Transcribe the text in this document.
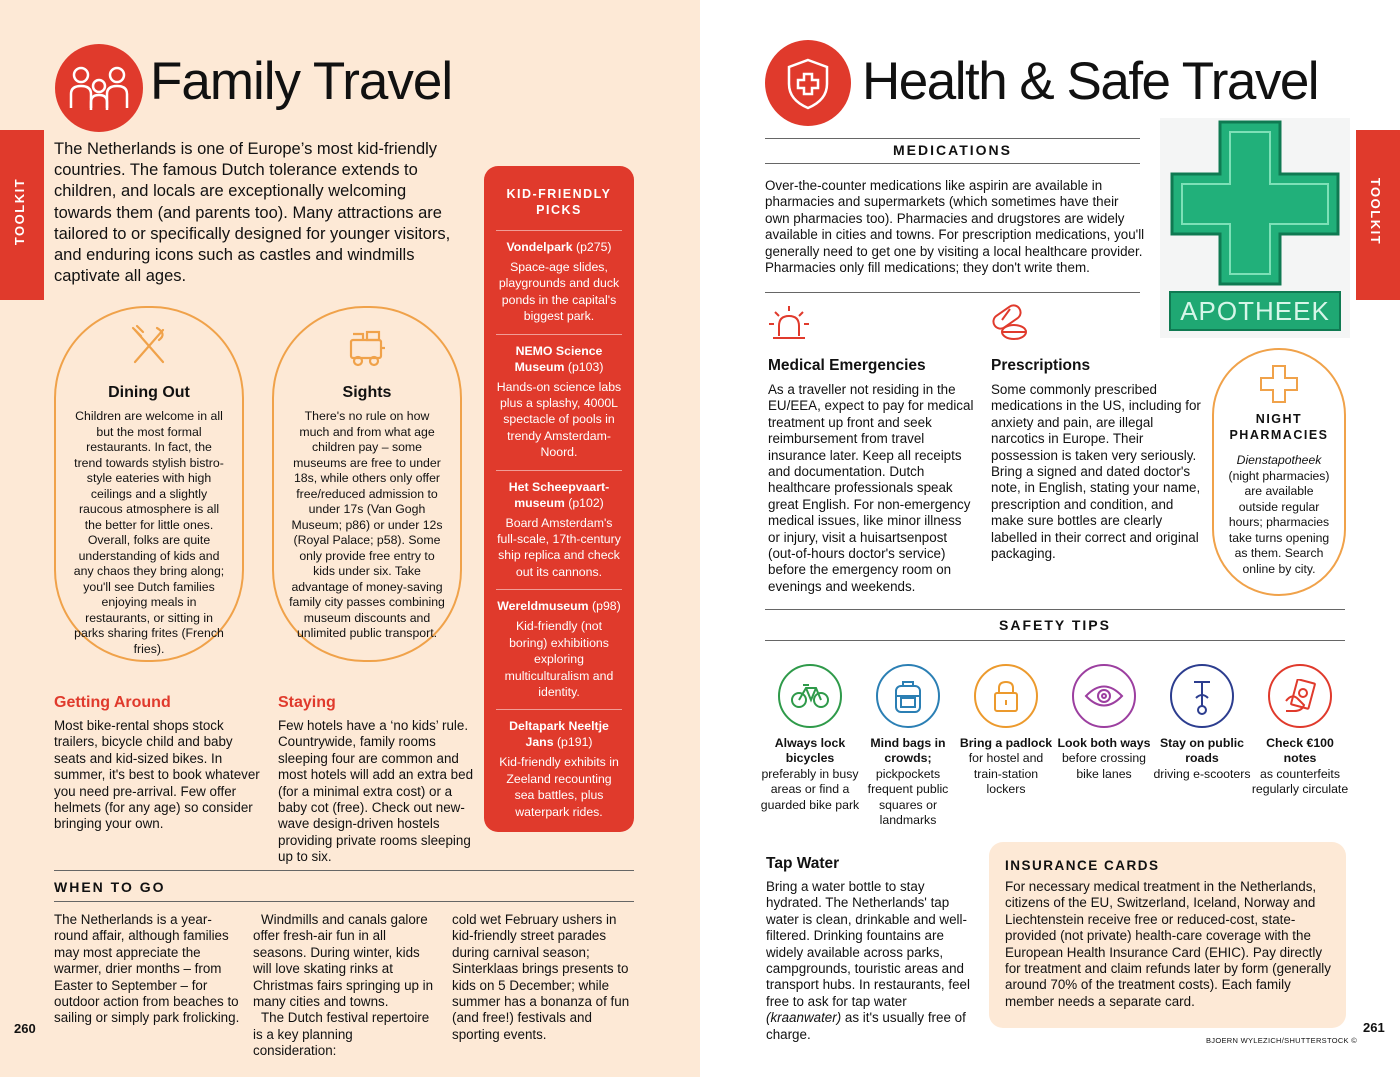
TOOLKIT
Family Travel
The Netherlands is one of Europe’s most kid-friendly countries. The famous Dutch tolerance extends to children, and locals are exceptionally welcoming towards them (and parents too). Many attractions are tailored to or specifically designed for younger visitors, and enduring icons such as castles and windmills captivate all ages.
Dining Out

Children are welcome in all but the most formal restaurants. In fact, the trend towards stylish bistro-style eateries with high ceilings and a slightly raucous atmosphere is all the better for little ones. Overall, folks are quite understanding of kids and any chaos they bring along; you'll see Dutch families enjoying meals in restaurants, or sitting in parks sharing frites (French fries).

Sights

There's no rule on how much and from what age children pay – some museums are free to under 18s, while others only offer free/reduced admission to under 17s (Van Gogh Museum; p86) or under 12s (Royal Palace; p58). Some only provide free entry to kids under six. Take advantage of money-saving family city passes combining museum discounts and unlimited public transport.

Getting Around
Most bike-rental shops stock trailers, bicycle child and baby seats and kid-sized bikes. In summer, it's best to book whatever you need pre-arrival. Few offer helmets (for any age) so consider bringing your own.
Staying
Few hotels have a ‘no kids’ rule. Countrywide, family rooms sleeping four are common and most hotels will add an extra bed (for a minimal extra cost) or a baby cot (free). Check out new-wave design-driven hostels providing private rooms sleeping up to six.
KID-FRIENDLY PICKS
Vondelpark (p275)
Space-age slides, playgrounds and duck ponds in the capital's biggest park.
NEMO Science Museum (p103)
Hands-on science labs plus a splashy, 4000L spectacle of pools in trendy Amsterdam-Noord.
Het Scheepvaart-museum (p102)
Board Amsterdam's full-scale, 17th-century ship replica and check out its cannons.
Wereldmuseum (p98)
Kid-friendly (not boring) exhibitions exploring multiculturalism and identity.
Deltapark Neeltje Jans (p191)
Kid-friendly exhibits in Zeeland recounting sea battles, plus waterpark rides.
WHEN TO GO
The Netherlands is a year-round affair, although families may most appreciate the warmer, drier months – from Easter to September – for outdoor action from beaches to sailing or simply park frolicking.
Windmills and canals galore offer fresh-air fun in all seasons. During winter, kids will love skating rinks at Christmas fairs springing up in many cities and towns.
The Dutch festival repertoire is a key planning consideration:
cold wet February ushers in kid-friendly street parades during carnival season; Sinterklaas brings presents to kids on 5 December; while summer has a bonanza of fun (and free!) festivals and sporting events.
260
TOOLKIT
Health & Safe Travel
MEDICATIONS
Over-the-counter medications like aspirin are available in pharmacies and supermarkets (which sometimes have their own pharmacies too). Pharmacies and drugstores are widely available in cities and towns. For prescription medications, you'll generally need to get one by visiting a local healthcare provider. Pharmacies only fill medications; they don't write them.
APOTHEEK
Medical Emergencies
As a traveller not residing in the EU/EEA, expect to pay for medical treatment up front and seek reimbursement from travel insurance later. Keep all receipts and documentation. Dutch healthcare professionals speak great English. For non-emergency medical issues, like minor illness or injury, visit a huisartsenpost (out-of-hours doctor's service) before the emergency room on evenings and weekends.
Prescriptions
Some commonly prescribed medications in the US, including for anxiety and pain, are illegal narcotics in Europe. Their possession is taken very seriously. Bring a signed and dated doctor's note, in English, stating your name, prescription and condition, and make sure bottles are clearly labelled in their correct and original packaging.
NIGHT PHARMACIES
Dienstapotheek
(night pharmacies) are available outside regular hours; pharmacies take turns opening as them. Search online by city.
SAFETY TIPS
Always lock bicycles
preferably in busy areas or find a guarded bike park
Mind bags in crowds;
pickpockets frequent public squares or landmarks
Bring a padlock
for hostel and train-station lockers
Look both ways
before crossing bike lanes
Stay on public roads
driving e-scooters
Check €100 notes
as counterfeits regularly circulate
Tap Water
Bring a water bottle to stay hydrated. The Netherlands' tap water is clean, drinkable and well-filtered. Drinking fountains are widely available across parks, campgrounds, touristic areas and transport hubs. In restaurants, feel free to ask for tap water (kraanwater) as it's usually free of charge.
INSURANCE CARDS
For necessary medical treatment in the Netherlands, citizens of the EU, Switzerland, Iceland, Norway and Liechtenstein receive free or reduced-cost, state-provided (not private) health-care coverage with the European Health Insurance Card (EHIC). Pay directly for treatment and claim refunds later by form (generally around 70% of the treatment costs). Each family member needs a separate card.
BJOERN WYLEZICH/SHUTTERSTOCK ©
261
